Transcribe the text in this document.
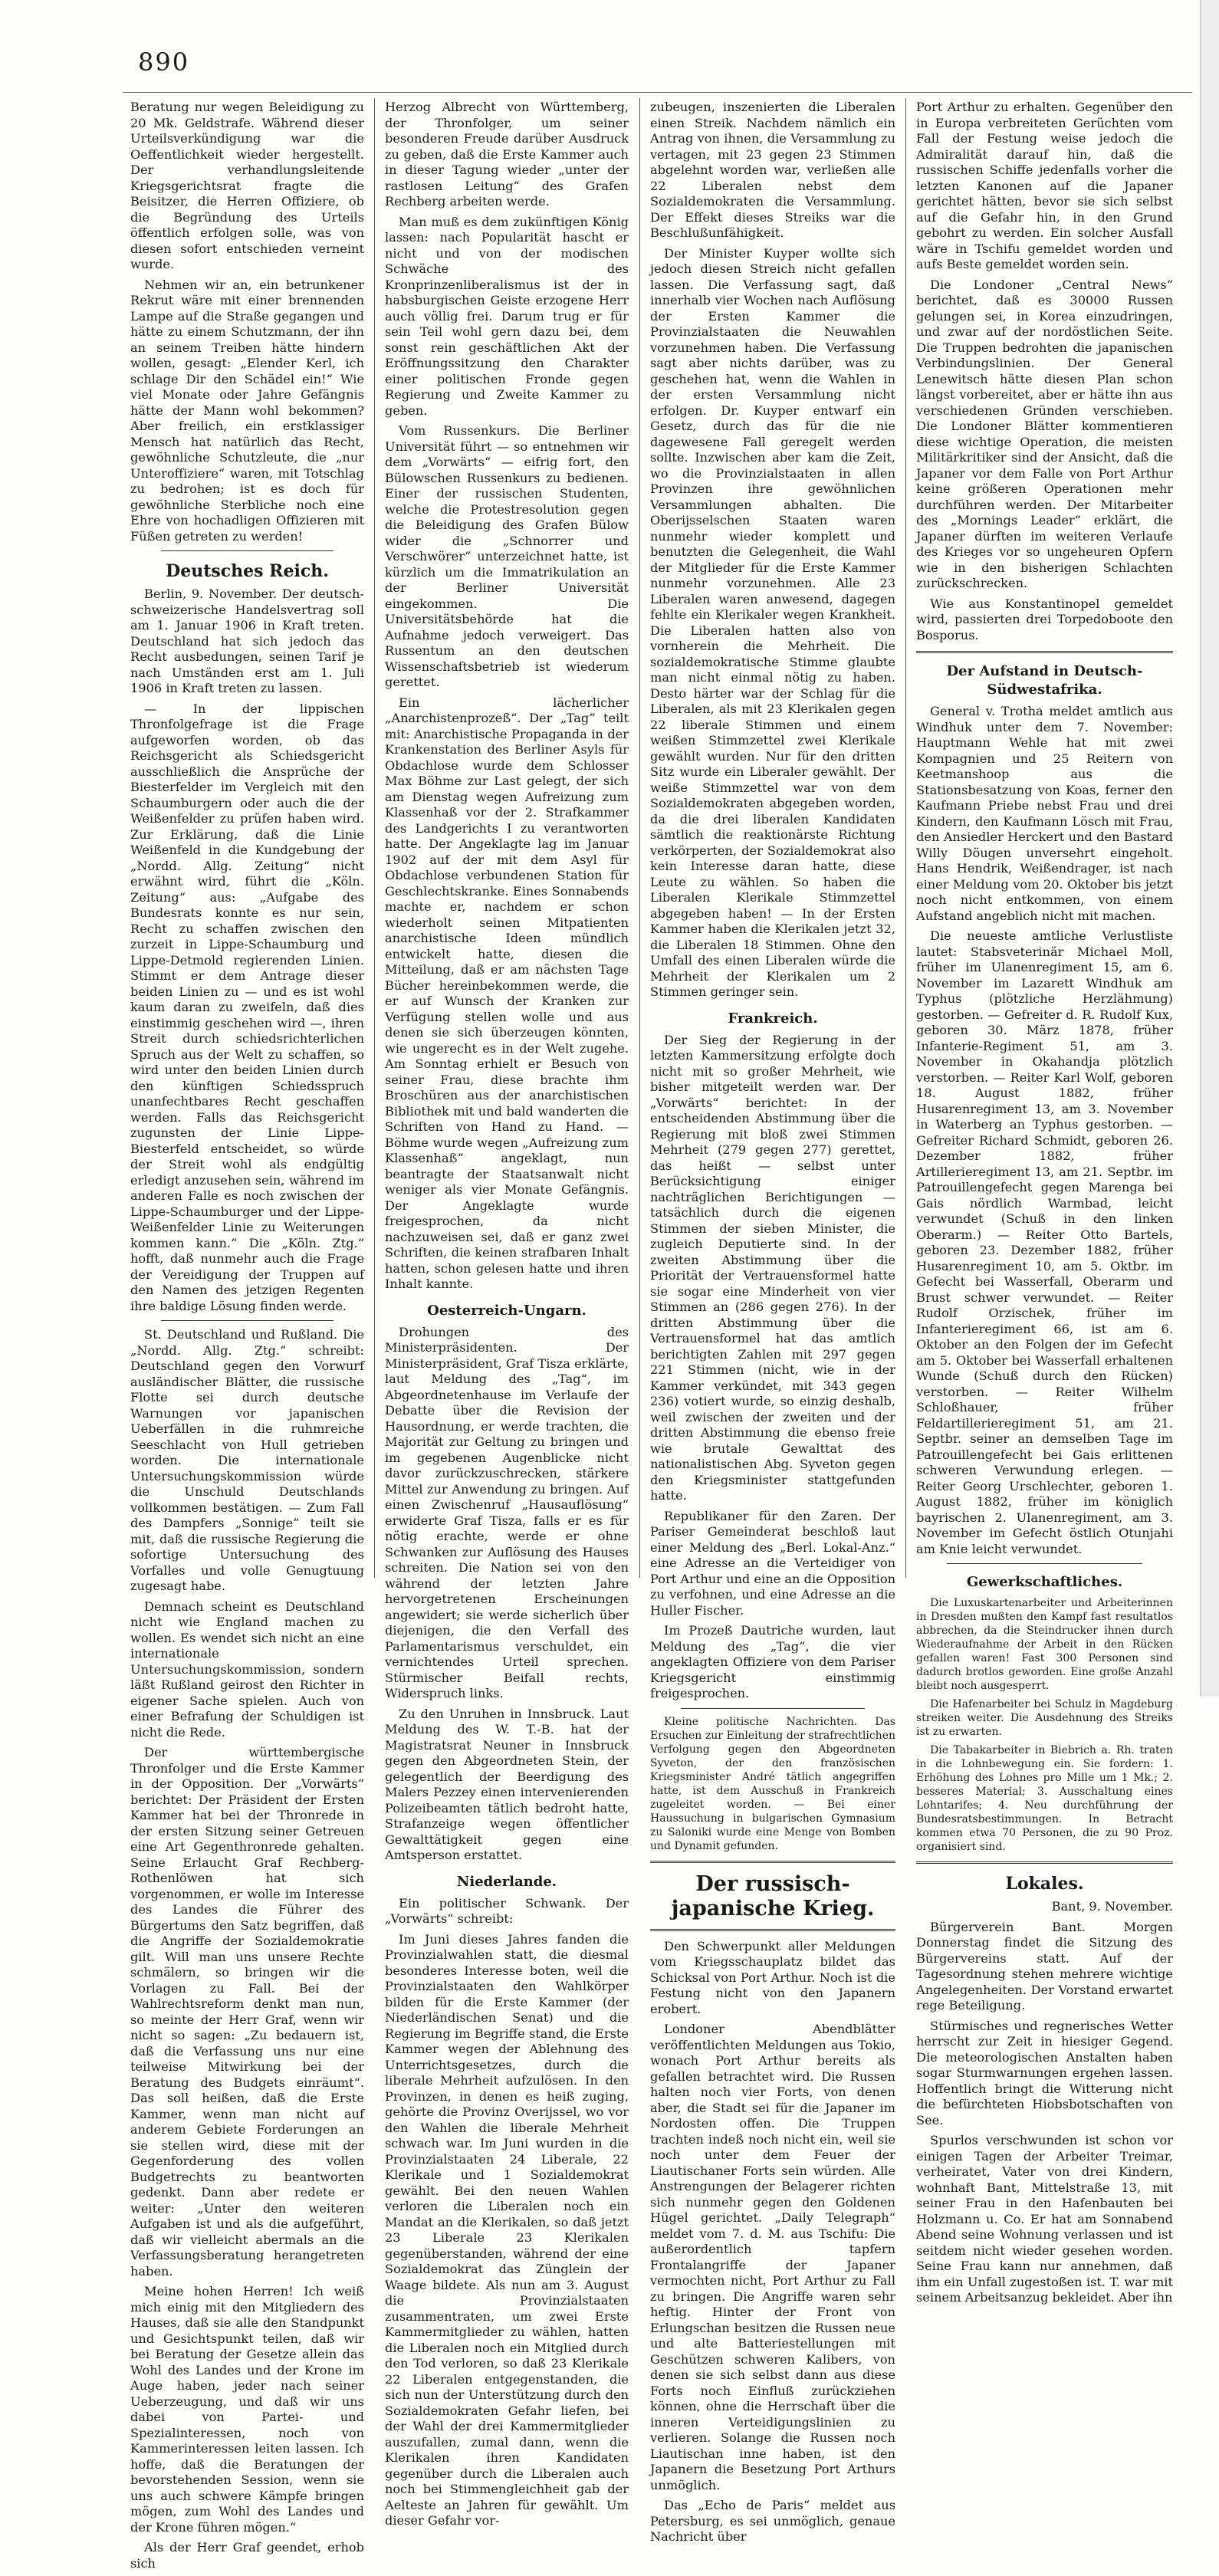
890

Beratung nur wegen Beleidigung zu 20 Mk. Geldstrafe. Während dieser Urteilsverkündigung war die Oeffentlichkeit wieder hergestellt. Der verhandlungsleitende Kriegsgerichtsrat fragte die Beisitzer, die Herren Offiziere, ob die Begründung des Urteils öffentlich erfolgen solle, was von diesen sofort entschieden verneint wurde.

Nehmen wir an, ein betrunkener Rekrut wäre mit einer brennenden Lampe auf die Straße gegangen und hätte zu einem Schutzmann, der ihn an seinem Treiben hätte hindern wollen, gesagt: „Elender Kerl, ich schlage Dir den Schädel ein!“ Wie viel Monate oder Jahre Gefängnis hätte der Mann wohl bekommen? Aber freilich, ein erstklassiger Mensch hat natürlich das Recht, gewöhnliche Schutzleute, die „nur Unteroffiziere“ waren, mit Totschlag zu bedrohen; ist es doch für gewöhnliche Sterbliche noch eine Ehre von hochadligen Offizieren mit Füßen getreten zu werden!

Deutsches Reich.

Berlin, 9. November. Der deutsch-schweizerische Handelsvertrag soll am 1. Januar 1906 in Kraft treten. Deutschland hat sich jedoch das Recht ausbedungen, seinen Tarif je nach Umständen erst am 1. Juli 1906 in Kraft treten zu lassen.

— In der lippischen Thronfolgefrage ist die Frage aufgeworfen worden, ob das Reichsgericht als Schiedsgericht ausschließlich die Ansprüche der Biesterfelder im Vergleich mit den Schaumburgern oder auch die der Weißenfelder zu prüfen haben wird. Zur Erklärung, daß die Linie Weißenfeld in die Kundgebung der „Nordd. Allg. Zeitung“ nicht erwähnt wird, führt die „Köln. Zeitung“ aus: „Aufgabe des Bundesrats konnte es nur sein, Recht zu schaffen zwischen den zurzeit in Lippe-Schaumburg und Lippe-Detmold regierenden Linien. Stimmt er dem Antrage dieser beiden Linien zu — und es ist wohl kaum daran zu zweifeln, daß dies einstimmig geschehen wird —, ihren Streit durch schiedsrichterlichen Spruch aus der Welt zu schaffen, so wird unter den beiden Linien durch den künftigen Schiedsspruch unanfechtbares Recht geschaffen werden. Falls das Reichsgericht zugunsten der Linie Lippe-Biesterfeld entscheidet, so würde der Streit wohl als endgültig erledigt anzusehen sein, während im anderen Falle es noch zwischen der Lippe-Schaumburger und der Lippe-Weißenfelder Linie zu Weiterungen kommen kann.“ Die „Köln. Ztg.“ hofft, daß nunmehr auch die Frage der Vereidigung der Truppen auf den Namen des jetzigen Regenten ihre baldige Lösung finden werde.

St. Deutschland und Rußland. Die „Nordd. Allg. Ztg.“ schreibt: Deutschland gegen den Vorwurf ausländischer Blätter, die russische Flotte sei durch deutsche Warnungen vor japanischen Ueberfällen in die ruhmreiche Seeschlacht von Hull getrieben worden. Die internationale Untersuchungskommission würde die Unschuld Deutschlands vollkommen bestätigen. — Zum Fall des Dampfers „Sonnige“ teilt sie mit, daß die russische Regierung die sofortige Untersuchung des Vorfalles und volle Genugtuung zugesagt habe.

Demnach scheint es Deutschland nicht wie England machen zu wollen. Es wendet sich nicht an eine internationale Untersuchungskommission, sondern läßt Rußland geirost den Richter in eigener Sache spielen. Auch von einer Befrafung der Schuldigen ist nicht die Rede.

Der württembergische Thronfolger und die Erste Kammer in der Opposition. Der „Vorwärts“ berichtet: Der Präsident der Ersten Kammer hat bei der Thronrede in der ersten Sitzung seiner Getreuen eine Art Gegenthronrede gehalten. Seine Erlaucht Graf Rechberg-Rothenlöwen hat sich vorgenommen, er wolle im Interesse des Landes die Führer des Bürgertums den Satz begriffen, daß die Angriffe der Sozialdemokratie gilt. Will man uns unsere Rechte schmälern, so bringen wir die Vorlagen zu Fall. Bei der Wahlrechtsreform denkt man nun, so meinte der Herr Graf, wenn wir nicht so sagen: „Zu bedauern ist, daß die Verfassung uns nur eine teilweise Mitwirkung bei der Beratung des Budgets einräumt“. Das soll heißen, daß die Erste Kammer, wenn man nicht auf anderem Gebiete Forderungen an sie stellen wird, diese mit der Gegenforderung des vollen Budgetrechts zu beantworten gedenkt. Dann aber redete er weiter: „Unter den weiteren Aufgaben ist und als die aufgeführt, daß wir vielleicht abermals an die Verfassungsberatung herangetreten haben.

Meine hohen Herren! Ich weiß mich einig mit den Mitgliedern des Hauses, daß sie alle den Standpunkt und Gesichtspunkt teilen, daß wir bei Beratung der Gesetze allein das Wohl des Landes und der Krone im Auge haben, jeder nach seiner Ueberzeugung, und daß wir uns dabei von Partei- und Spezialinteressen, noch von Kammerinteressen leiten lassen. Ich hoffe, daß die Beratungen der bevorstehenden Session, wenn sie uns auch schwere Kämpfe bringen mögen, zum Wohl des Landes und der Krone führen mögen.“

Als der Herr Graf geendet, erhob sich

Herzog Albrecht von Württemberg, der Thronfolger, um seiner besonderen Freude darüber Ausdruck zu geben, daß die Erste Kammer auch in dieser Tagung wieder „unter der rastlosen Leitung“ des Grafen Rechberg arbeiten werde.

Man muß es dem zukünftigen König lassen: nach Popularität hascht er nicht und von der modischen Schwäche des Kronprinzenliberalismus ist der in habsburgischen Geiste erzogene Herr auch völlig frei. Darum trug er für sein Teil wohl gern dazu bei, dem sonst rein geschäftlichen Akt der Eröffnungssitzung den Charakter einer politischen Fronde gegen Regierung und Zweite Kammer zu geben.

Vom Russenkurs. Die Berliner Universität führt — so entnehmen wir dem „Vorwärts“ — eifrig fort, den Bülowschen Russenkurs zu bedienen. Einer der russischen Studenten, welche die Protestresolution gegen die Beleidigung des Grafen Bülow wider die „Schnorrer und Verschwörer“ unterzeichnet hatte, ist kürzlich um die Immatrikulation an der Berliner Universität eingekommen. Die Universitätsbehörde hat die Aufnahme jedoch verweigert. Das Russentum an den deutschen Wissenschaftsbetrieb ist wiederum gerettet.

Ein lächerlicher „Anarchistenprozeß“. Der „Tag“ teilt mit: Anarchistische Propaganda in der Krankenstation des Berliner Asyls für Obdachlose wurde dem Schlosser Max Böhme zur Last gelegt, der sich am Dienstag wegen Aufreizung zum Klassenhaß vor der 2. Strafkammer des Landgerichts I zu verantworten hatte. Der Angeklagte lag im Januar 1902 auf der mit dem Asyl für Obdachlose verbundenen Station für Geschlechtskranke. Eines Sonnabends machte er, nachdem er schon wiederholt seinen Mitpatienten anarchistische Ideen mündlich entwickelt hatte, diesen die Mitteilung, daß er am nächsten Tage Bücher hereinbekommen werde, die er auf Wunsch der Kranken zur Verfügung stellen wolle und aus denen sie sich überzeugen könnten, wie ungerecht es in der Welt zugehe. Am Sonntag erhielt er Besuch von seiner Frau, diese brachte ihm Broschüren aus der anarchistischen Bibliothek mit und bald wanderten die Schriften von Hand zu Hand. — Böhme wurde wegen „Aufreizung zum Klassenhaß“ angeklagt, nun beantragte der Staatsanwalt nicht weniger als vier Monate Gefängnis. Der Angeklagte wurde freigesprochen, da nicht nachzuweisen sei, daß er ganz zwei Schriften, die keinen strafbaren Inhalt hatten, schon gelesen hatte und ihren Inhalt kannte.

Oesterreich-Ungarn.

Drohungen des Ministerpräsidenten. Der Ministerpräsident, Graf Tisza erklärte, laut Meldung des „Tag“, im Abgeordnetenhause im Verlaufe der Debatte über die Revision der Hausordnung, er werde trachten, die Majorität zur Geltung zu bringen und im gegebenen Augenblicke nicht davor zurückzuschrecken, stärkere Mittel zur Anwendung zu bringen. Auf einen Zwischenruf „Hausauflösung“ erwiderte Graf Tisza, falls er es für nötig erachte, werde er ohne Schwanken zur Auflösung des Hauses schreiten. Die Nation sei von den während der letzten Jahre hervorgetretenen Erscheinungen angewidert; sie werde sicherlich über diejenigen, die den Verfall des Parlamentarismus verschuldet, ein vernichtendes Urteil sprechen. Stürmischer Beifall rechts, Widerspruch links.

Zu den Unruhen in Innsbruck. Laut Meldung des W. T.-B. hat der Magistratsrat Neuner in Innsbruck gegen den Abgeordneten Stein, der gelegentlich der Beerdigung des Malers Pezzey einen intervenierenden Polizeibeamten tätlich bedroht hatte, Strafanzeige wegen öffentlicher Gewalttätigkeit gegen eine Amtsperson erstattet.

Niederlande.

Ein politischer Schwank. Der „Vorwärts“ schreibt:

Im Juni dieses Jahres fanden die Provinzialwahlen statt, die diesmal besonderes Interesse boten, weil die Provinzialstaaten den Wahlkörper bilden für die Erste Kammer (der Niederländischen Senat) und die Regierung im Begriffe stand, die Erste Kammer wegen der Ablehnung des Unterrichtsgesetzes, durch die liberale Mehrheit aufzulösen. In den Provinzen, in denen es heiß zuging, gehörte die Provinz Overijssel, wo vor den Wahlen die liberale Mehrheit schwach war. Im Juni wurden in die Provinzialstaaten 24 Liberale, 22 Klerikale und 1 Sozialdemokrat gewählt. Bei den neuen Wahlen verloren die Liberalen noch ein Mandat an die Klerikalen, so daß jetzt 23 Liberale 23 Klerikalen gegenüberstanden, während der eine Sozialdemokrat das Zünglein der Waage bildete. Als nun am 3. August die Provinzialstaaten zusammentraten, um zwei Erste Kammermitglieder zu wählen, hatten die Liberalen noch ein Mitglied durch den Tod verloren, so daß 23 Klerikale 22 Liberalen entgegenstanden, die sich nun der Unterstützung durch den Sozialdemokraten Gefahr liefen, bei der Wahl der drei Kammermitglieder auszufallen, zumal dann, wenn die Klerikalen ihren Kandidaten gegenüber durch die Liberalen auch noch bei Stimmengleichheit gab der Aelteste an Jahren für gewählt. Um dieser Gefahr vor-

zubeugen, inszenierten die Liberalen einen Streik. Nachdem nämlich ein Antrag von ihnen, die Versammlung zu vertagen, mit 23 gegen 23 Stimmen abgelehnt worden war, verließen alle 22 Liberalen nebst dem Sozialdemokraten die Versammlung. Der Effekt dieses Streiks war die Beschlußunfähigkeit.

Der Minister Kuyper wollte sich jedoch diesen Streich nicht gefallen lassen. Die Verfassung sagt, daß innerhalb vier Wochen nach Auflösung der Ersten Kammer die Provinzialstaaten die Neuwahlen vorzunehmen haben. Die Verfassung sagt aber nichts darüber, was zu geschehen hat, wenn die Wahlen in der ersten Versammlung nicht erfolgen. Dr. Kuyper entwarf ein Gesetz, durch das für die nie dagewesene Fall geregelt werden sollte. Inzwischen aber kam die Zeit, wo die Provinzialstaaten in allen Provinzen ihre gewöhnlichen Versammlungen abhalten. Die Oberijsselschen Staaten waren nunmehr wieder komplett und benutzten die Gelegenheit, die Wahl der Mitglieder für die Erste Kammer nunmehr vorzunehmen. Alle 23 Liberalen waren anwesend, dagegen fehlte ein Klerikaler wegen Krankheit. Die Liberalen hatten also von vornherein die Mehrheit. Die sozialdemokratische Stimme glaubte man nicht einmal nötig zu haben. Desto härter war der Schlag für die Liberalen, als mit 23 Klerikalen gegen 22 liberale Stimmen und einem weißen Stimmzettel zwei Klerikale gewählt wurden. Nur für den dritten Sitz wurde ein Liberaler gewählt. Der weiße Stimmzettel war von dem Sozialdemokraten abgegeben worden, da die drei liberalen Kandidaten sämtlich die reaktionärste Richtung verkörperten, der Sozialdemokrat also kein Interesse daran hatte, diese Leute zu wählen. So haben die Liberalen Klerikale Stimmzettel abgegeben haben! — In der Ersten Kammer haben die Klerikalen jetzt 32, die Liberalen 18 Stimmen. Ohne den Umfall des einen Liberalen würde die Mehrheit der Klerikalen um 2 Stimmen geringer sein.

Frankreich.

Der Sieg der Regierung in der letzten Kammersitzung erfolgte doch nicht mit so großer Mehrheit, wie bisher mitgeteilt werden war. Der „Vorwärts“ berichtet: In der entscheidenden Abstimmung über die Regierung mit bloß zwei Stimmen Mehrheit (279 gegen 277) gerettet, das heißt — selbst unter Berücksichtigung einiger nachträglichen Berichtigungen — tatsächlich durch die eigenen Stimmen der sieben Minister, die zugleich Deputierte sind. In der zweiten Abstimmung über die Priorität der Vertrauensformel hatte sie sogar eine Minderheit von vier Stimmen an (286 gegen 276). In der dritten Abstimmung über die Vertrauensformel hat das amtlich berichtigten Zahlen mit 297 gegen 221 Stimmen (nicht, wie in der Kammer verkündet, mit 343 gegen 236) votiert wurde, so einzig deshalb, weil zwischen der zweiten und der dritten Abstimmung die ebenso freie wie brutale Gewalttat des nationalistischen Abg. Syveton gegen den Kriegsminister stattgefunden hatte.

Republikaner für den Zaren. Der Pariser Gemeinderat beschloß laut einer Meldung des „Berl. Lokal-Anz.“ eine Adresse an die Verteidiger von Port Arthur und eine an die Opposition zu verfohnen, und eine Adresse an die Huller Fischer.

Im Prozeß Dautriche wurden, laut Meldung des „Tag“, die vier angeklagten Offiziere von dem Pariser Kriegsgericht einstimmig freigesprochen.

Kleine politische Nachrichten. Das Ersuchen zur Einleitung der strafrechtlichen Verfolgung gegen den Abgeordneten Syveton, der den französischen Kriegsminister André tätlich angegriffen hatte, ist dem Ausschuß in Frankreich zugeleitet worden. — Bei einer Haussuchung in bulgarischen Gymnasium zu Saloniki wurde eine Menge von Bomben und Dynamit gefunden.

Der russisch-japanische Krieg.

Den Schwerpunkt aller Meldungen vom Kriegsschauplatz bildet das Schicksal von Port Arthur. Noch ist die Festung nicht von den Japanern erobert.

Londoner Abendblätter veröffentlichten Meldungen aus Tokio, wonach Port Arthur bereits als gefallen betrachtet wird. Die Russen halten noch vier Forts, von denen aber, die Stadt sei für die Japaner im Nordosten offen. Die Truppen trachten indeß noch nicht ein, weil sie noch unter dem Feuer der Liautischaner Forts sein würden. Alle Anstrengungen der Belagerer richten sich nunmehr gegen den Goldenen Hügel gerichtet. „Daily Telegraph“ meldet vom 7. d. M. aus Tschifu: Die außerordentlich tapfern Frontalangriffe der Japaner vermochten nicht, Port Arthur zu Fall zu bringen. Die Angriffe waren sehr heftig. Hinter der Front von Erlungschan besitzen die Russen neue und alte Batteriestellungen mit Geschützen schweren Kalibers, von denen sie sich selbst dann aus diese Forts noch Einfluß zurückziehen können, ohne die Herrschaft über die inneren Verteidigungslinien zu verlieren. Solange die Russen noch Liautischan inne haben, ist den Japanern die Besetzung Port Arthurs unmöglich.

Das „Echo de Paris“ meldet aus Petersburg, es sei unmöglich, genaue Nachricht über

Port Arthur zu erhalten. Gegenüber den in Europa verbreiteten Gerüchten vom Fall der Festung weise jedoch die Admiralität darauf hin, daß die russischen Schiffe jedenfalls vorher die letzten Kanonen auf die Japaner gerichtet hätten, bevor sie sich selbst auf die Gefahr hin, in den Grund gebohrt zu werden. Ein solcher Ausfall wäre in Tschifu gemeldet worden und aufs Beste gemeldet worden sein.

Die Londoner „Central News“ berichtet, daß es 30000 Russen gelungen sei, in Korea einzudringen, und zwar auf der nordöstlichen Seite. Die Truppen bedrohten die japanischen Verbindungslinien. Der General Lenewitsch hätte diesen Plan schon längst vorbereitet, aber er hätte ihn aus verschiedenen Gründen verschieben. Die Londoner Blätter kommentieren diese wichtige Operation, die meisten Militärkritiker sind der Ansicht, daß die Japaner vor dem Falle von Port Arthur keine größeren Operationen mehr durchführen werden. Der Mitarbeiter des „Mornings Leader“ erklärt, die Japaner dürften im weiteren Verlaufe des Krieges vor so ungeheuren Opfern wie in den bisherigen Schlachten zurückschrecken.

Wie aus Konstantinopel gemeldet wird, passierten drei Torpedoboote den Bosporus.

Der Aufstand in Deutsch-Südwestafrika.

General v. Trotha meldet amtlich aus Windhuk unter dem 7. November: Hauptmann Wehle hat mit zwei Kompagnien und 25 Reitern von Keetmanshoop aus die Stationsbesatzung von Koas, ferner den Kaufmann Priebe nebst Frau und drei Kindern, den Kaufmann Lösch mit Frau, den Ansiedler Herckert und den Bastard Willy Döugen unversehrt eingeholt. Hans Hendrik, Weißendrager, ist nach einer Meldung vom 20. Oktober bis jetzt noch nicht entkommen, von einem Aufstand angeblich nicht mit machen.

Die neueste amtliche Verlustliste lautet: Stabsveterinär Michael Moll, früher im Ulanenregiment 15, am 6. November im Lazarett Windhuk am Typhus (plötzliche Herzlähmung) gestorben. — Gefreiter d. R. Rudolf Kux, geboren 30. März 1878, früher Infanterie-Regiment 51, am 3. November in Okahandja plötzlich verstorben. — Reiter Karl Wolf, geboren 18. August 1882, früher Husarenregiment 13, am 3. November in Waterberg an Typhus gestorben. — Gefreiter Richard Schmidt, geboren 26. Dezember 1882, früher Artillerieregiment 13, am 21. Septbr. im Patrouillengefecht gegen Marenga bei Gais nördlich Warmbad, leicht verwundet (Schuß in den linken Oberarm.) — Reiter Otto Bartels, geboren 23. Dezember 1882, früher Husarenregiment 10, am 5. Oktbr. im Gefecht bei Wasserfall, Oberarm und Brust schwer verwundet. — Reiter Rudolf Orzischek, früher im Infanterieregiment 66, ist am 6. Oktober an den Folgen der im Gefecht am 5. Oktober bei Wasserfall erhaltenen Wunde (Schuß durch den Rücken) verstorben. — Reiter Wilhelm Schloßhauer, früher Feldartillerieregiment 51, am 21. Septbr. seiner an demselben Tage im Patrouillengefecht bei Gais erlittenen schweren Verwundung erlegen. — Reiter Georg Urschlechter, geboren 1. August 1882, früher im königlich bayrischen 2. Ulanenregiment, am 3. November im Gefecht östlich Otunjahi am Knie leicht verwundet.

Gewerkschaftliches.

Die Luxuskartenarbeiter und Arbeiterinnen in Dresden mußten den Kampf fast resultatlos abbrechen, da die Steindrucker ihnen durch Wiederaufnahme der Arbeit in den Rücken gefallen waren! Fast 300 Personen sind dadurch brotlos geworden. Eine große Anzahl bleibt noch ausgesperrt.

Die Hafenarbeiter bei Schulz in Magdeburg streiken weiter. Die Ausdehnung des Streiks ist zu erwarten.

Die Tabakarbeiter in Biebrich a. Rh. traten in die Lohnbewegung ein. Sie fordern: 1. Erhöhung des Lohnes pro Mille um 1 Mk.; 2. besseres Material; 3. Ausschaltung eines Lohntarifes; 4. Neu durchführung der Bundesratsbestimmungen. In Betracht kommen etwa 70 Personen, die zu 90 Proz. organisiert sind.

Lokales.

Bant, 9. November.

Bürgerverein Bant. Morgen Donnerstag findet die Sitzung des Bürgervereins statt. Auf der Tagesordnung stehen mehrere wichtige Angelegenheiten. Der Vorstand erwartet rege Beteiligung.

Stürmisches und regnerisches Wetter herrscht zur Zeit in hiesiger Gegend. Die meteorologischen Anstalten haben sogar Sturmwarnungen ergehen lassen. Hoffentlich bringt die Witterung nicht die befürchteten Hiobsbotschaften von See.

Spurlos verschwunden ist schon vor einigen Tagen der Arbeiter Treimar, verheiratet, Vater von drei Kindern, wohnhaft Bant, Mittelstraße 13, mit seiner Frau in den Hafenbauten bei Holzmann u. Co. Er hat am Sonnabend Abend seine Wohnung verlassen und ist seitdem nicht wieder gesehen worden. Seine Frau kann nur annehmen, daß ihm ein Unfall zugestoßen ist. T. war mit seinem Arbeitsanzug bekleidet. Aber ihn
